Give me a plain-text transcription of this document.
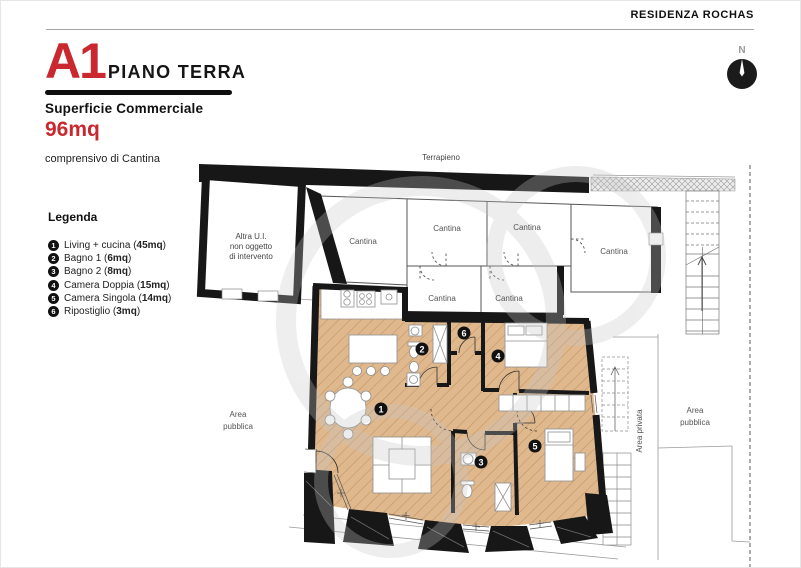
RESIDENZA ROCHAS
A1 PIANO TERRA
Superficie Commerciale
96mq
comprensivo di Cantina
N
Legenda
1 Living + cucina (45mq)
2 Bagno 1 (6mq)
3 Bagno 2 (8mq)
4 Camera Doppia (15mq)
5 Camera Singola (14mq)
6 Ripostiglio (3mq)
Terrapieno
Cantina
Cantina	Cantina
Cantina
Cantina	Cantina
Altra U.I.
non oggetto
di intervento
Area
pubblica
Area
pubblica
Area privata
1
2
3
4
5
6
